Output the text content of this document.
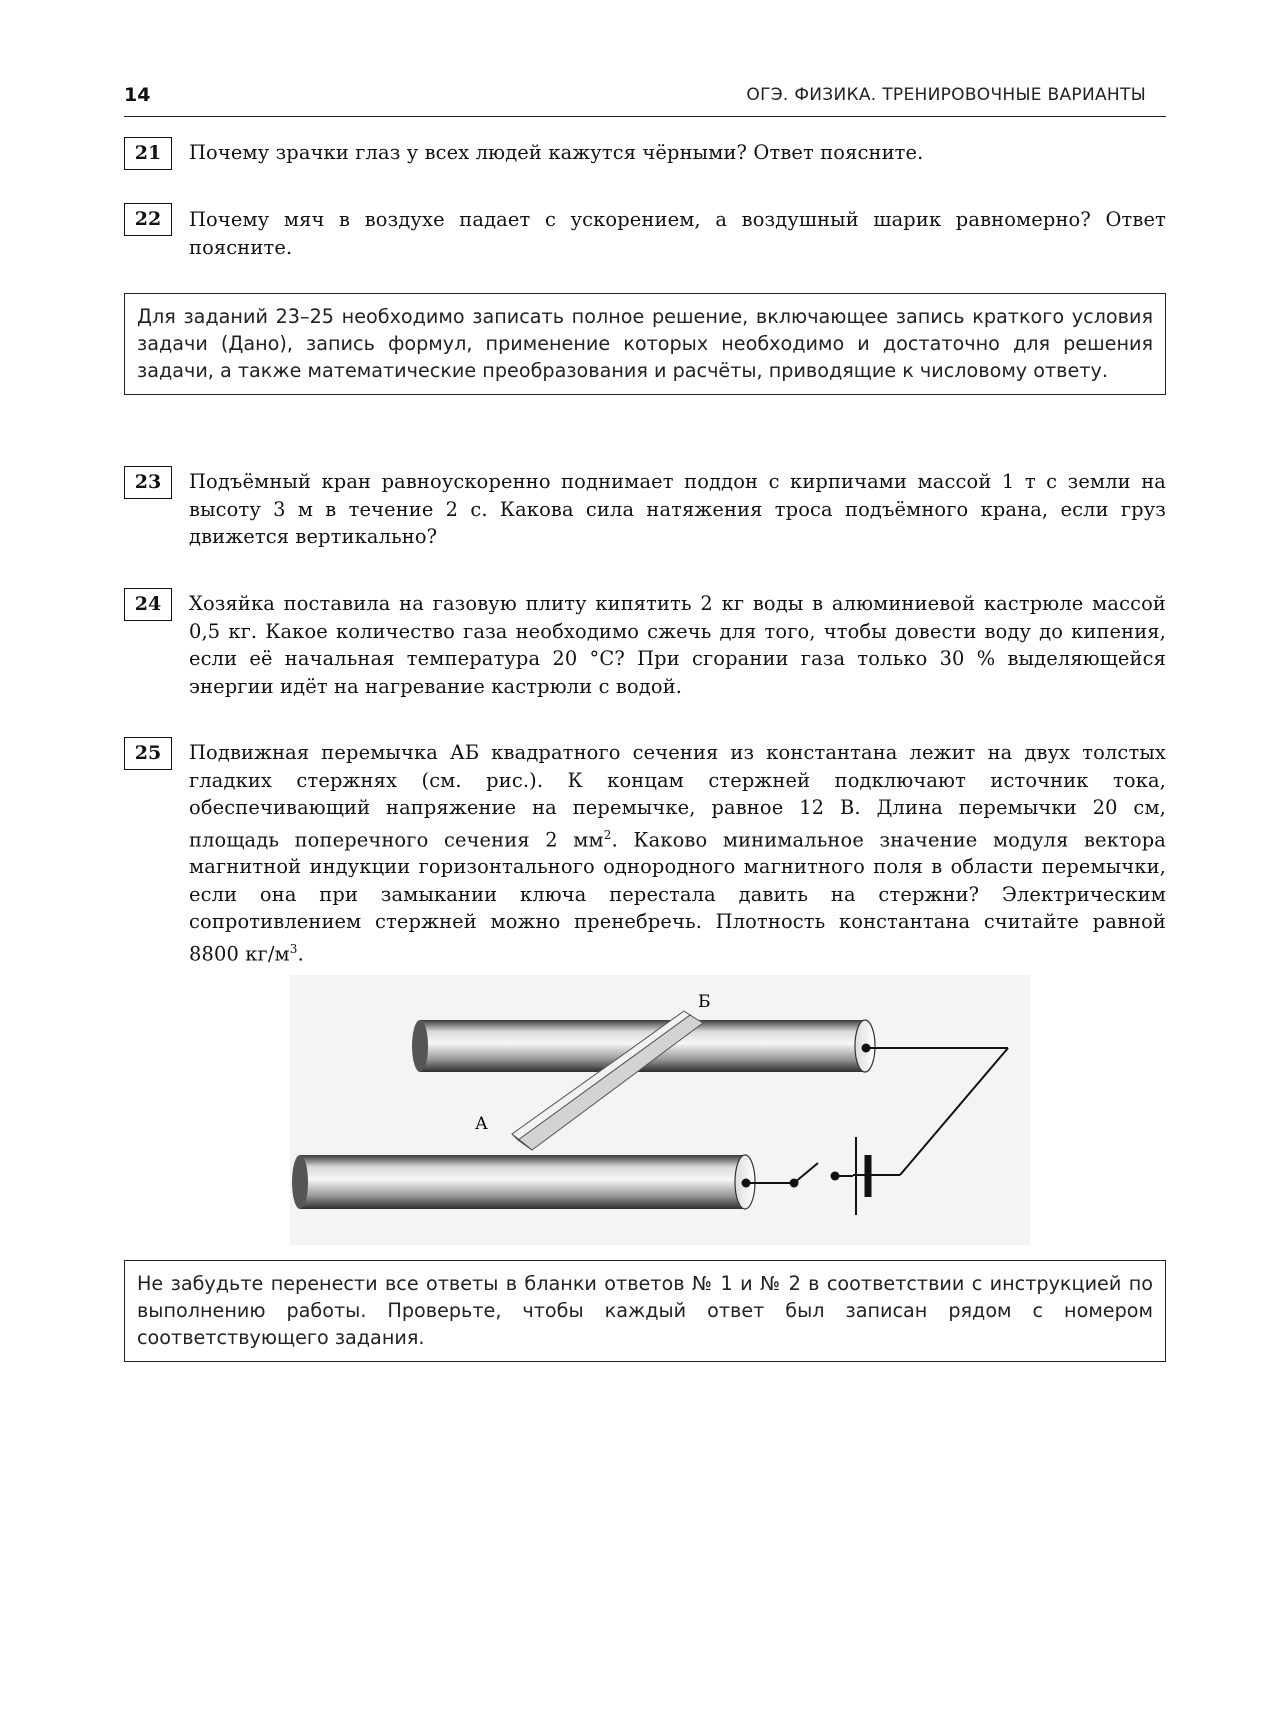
14	ОГЭ. ФИЗИКА. ТРЕНИРОВОЧНЫЕ ВАРИАНТЫ
21	Почему зрачки глаз у всех людей кажутся чёрными? Ответ поясните.
22	Почему мяч в воздухе падает с ускорением, а воздушный шарик равномерно? Ответ поясните.
Для заданий 23–25 необходимо записать полное решение, включающее запись краткого условия задачи (Дано), запись формул, применение которых необходимо и достаточно для решения задачи, а также математические преобразования и расчёты, приводящие к числовому ответу.
23	Подъёмный кран равноускоренно поднимает поддон с кирпичами массой 1 т с земли на высоту 3 м в течение 2 с. Какова сила натяжения троса подъёмного крана, если груз движется вертикально?
24	Хозяйка поставила на газовую плиту кипятить 2 кг воды в алюминиевой кастрюле массой 0,5 кг. Какое количество газа необходимо сжечь для того, чтобы довести воду до кипения, если её начальная температура 20 °С? При сгорании газа только 30 % выделяющейся энергии идёт на нагревание кастрюли с водой.
25	Подвижная перемычка АБ квадратного сечения из константана лежит на двух толстых гладких стержнях (см. рис.). К концам стержней подключают источник тока, обеспечивающий напряжение на перемычке, равное 12 В. Длина перемычки 20 см, площадь поперечного сечения 2 $мм^2$. Каково минимальное значение модуля вектора магнитной индукции горизонтального однородного магнитного поля в области перемычки, если она при замыкании ключа перестала давить на стержни? Электрическим сопротивлением стержней можно пренебречь. Плотность константана считайте равной 8800 $кг/м^3$.
А
Б
Не забудьте перенести все ответы в бланки ответов № 1 и № 2 в соответствии с инструкцией по выполнению работы. Проверьте, чтобы каждый ответ был записан рядом с номером соответствующего задания.
